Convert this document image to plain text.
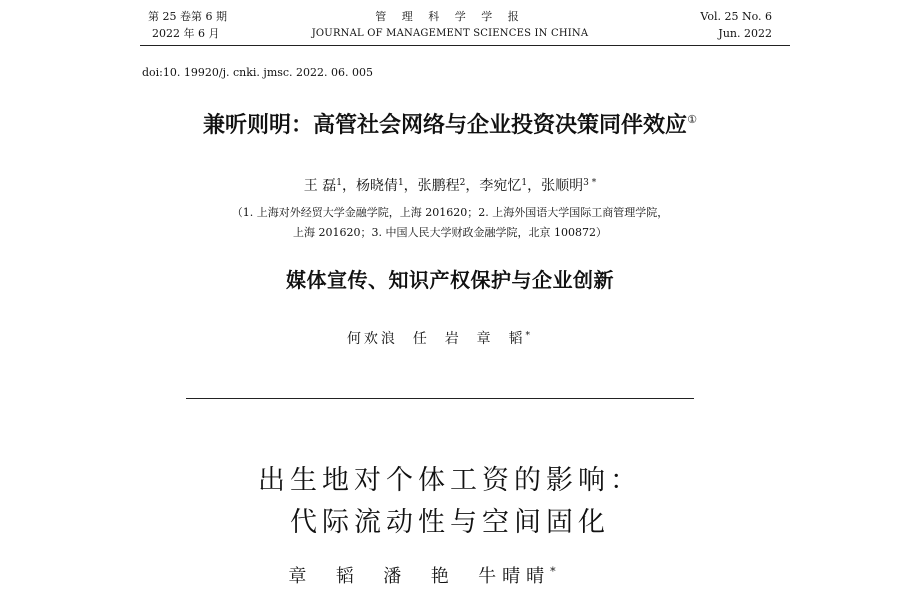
第 25 卷第 6 期
2022 年 6 月
管 理 科 学 学 报
JOURNAL OF MANAGEMENT SCIENCES IN CHINA
Vol. 25 No. 6
Jun. 2022
doi:10. 19920/j. cnki. jmsc. 2022. 06. 005
兼听则明：高管社会网络与企业投资决策同伴效应①
王 磊$^1$，杨晓倩$^1$，张鹏程$^2$，李宛忆$^1$，张顺明$^{3 *}$
（1. 上海对外经贸大学金融学院，上海 201620；2. 上海外国语大学国际工商管理学院，
上海 201620；3. 中国人民大学财政金融学院，北京 100872）
媒体宣传、知识产权保护与企业创新
何欢浪  任  岩  章  韬*
出生地对个体工资的影响：
代际流动性与空间固化
章  韬  潘  艳  牛晴晴*
